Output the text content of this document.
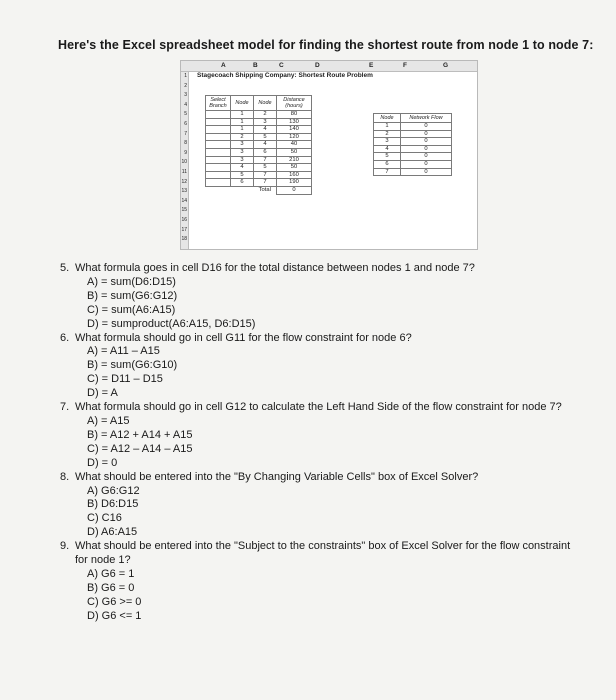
Here's the Excel spreadsheet model for finding the shortest route from node 1 to node 7:
A	B	C	D	E	F	G
1
2
3
4
5
6
7
8
9
10
11
12
13
14
15
16
17
18
Stagecoach Shipping Company: Shortest Route Problem
Select Branch	Node	Node	Distance (hours)
	1	2	80
	1	3	130
	1	4	140
	2	5	120
	3	4	40
	3	6	50
	3	7	210
	4	5	50
	5	7	160
	6	7	190
		Total	0
Node	Network Flow
1	0
2	0
3	0
4	0
5	0
6	0
7	0
5. What formula goes in cell D16 for the total distance between nodes 1 and node 7?
A) = sum(D6:D15)
B) = sum(G6:G12)
C) = sum(A6:A15)
D) = sumproduct(A6:A15, D6:D15)
6. What formula should go in cell G11 for the flow constraint for node 6?
A) = A11 – A15
B) = sum(G6:G10)
C) = D11 – D15
D) = A
7. What formula should go in cell G12 to calculate the Left Hand Side of the flow constraint for node 7?
A) = A15
B) = A12 + A14 + A15
C) = A12 – A14 – A15
D) = 0
8. What should be entered into the "By Changing Variable Cells" box of Excel Solver?
A) G6:G12
B) D6:D15
C) C16
D) A6:A15
9. What should be entered into the "Subject to the constraints" box of Excel Solver for the flow constraint for node 1?
A) G6 = 1
B) G6 = 0
C) G6 >= 0
D) G6 <= 1
